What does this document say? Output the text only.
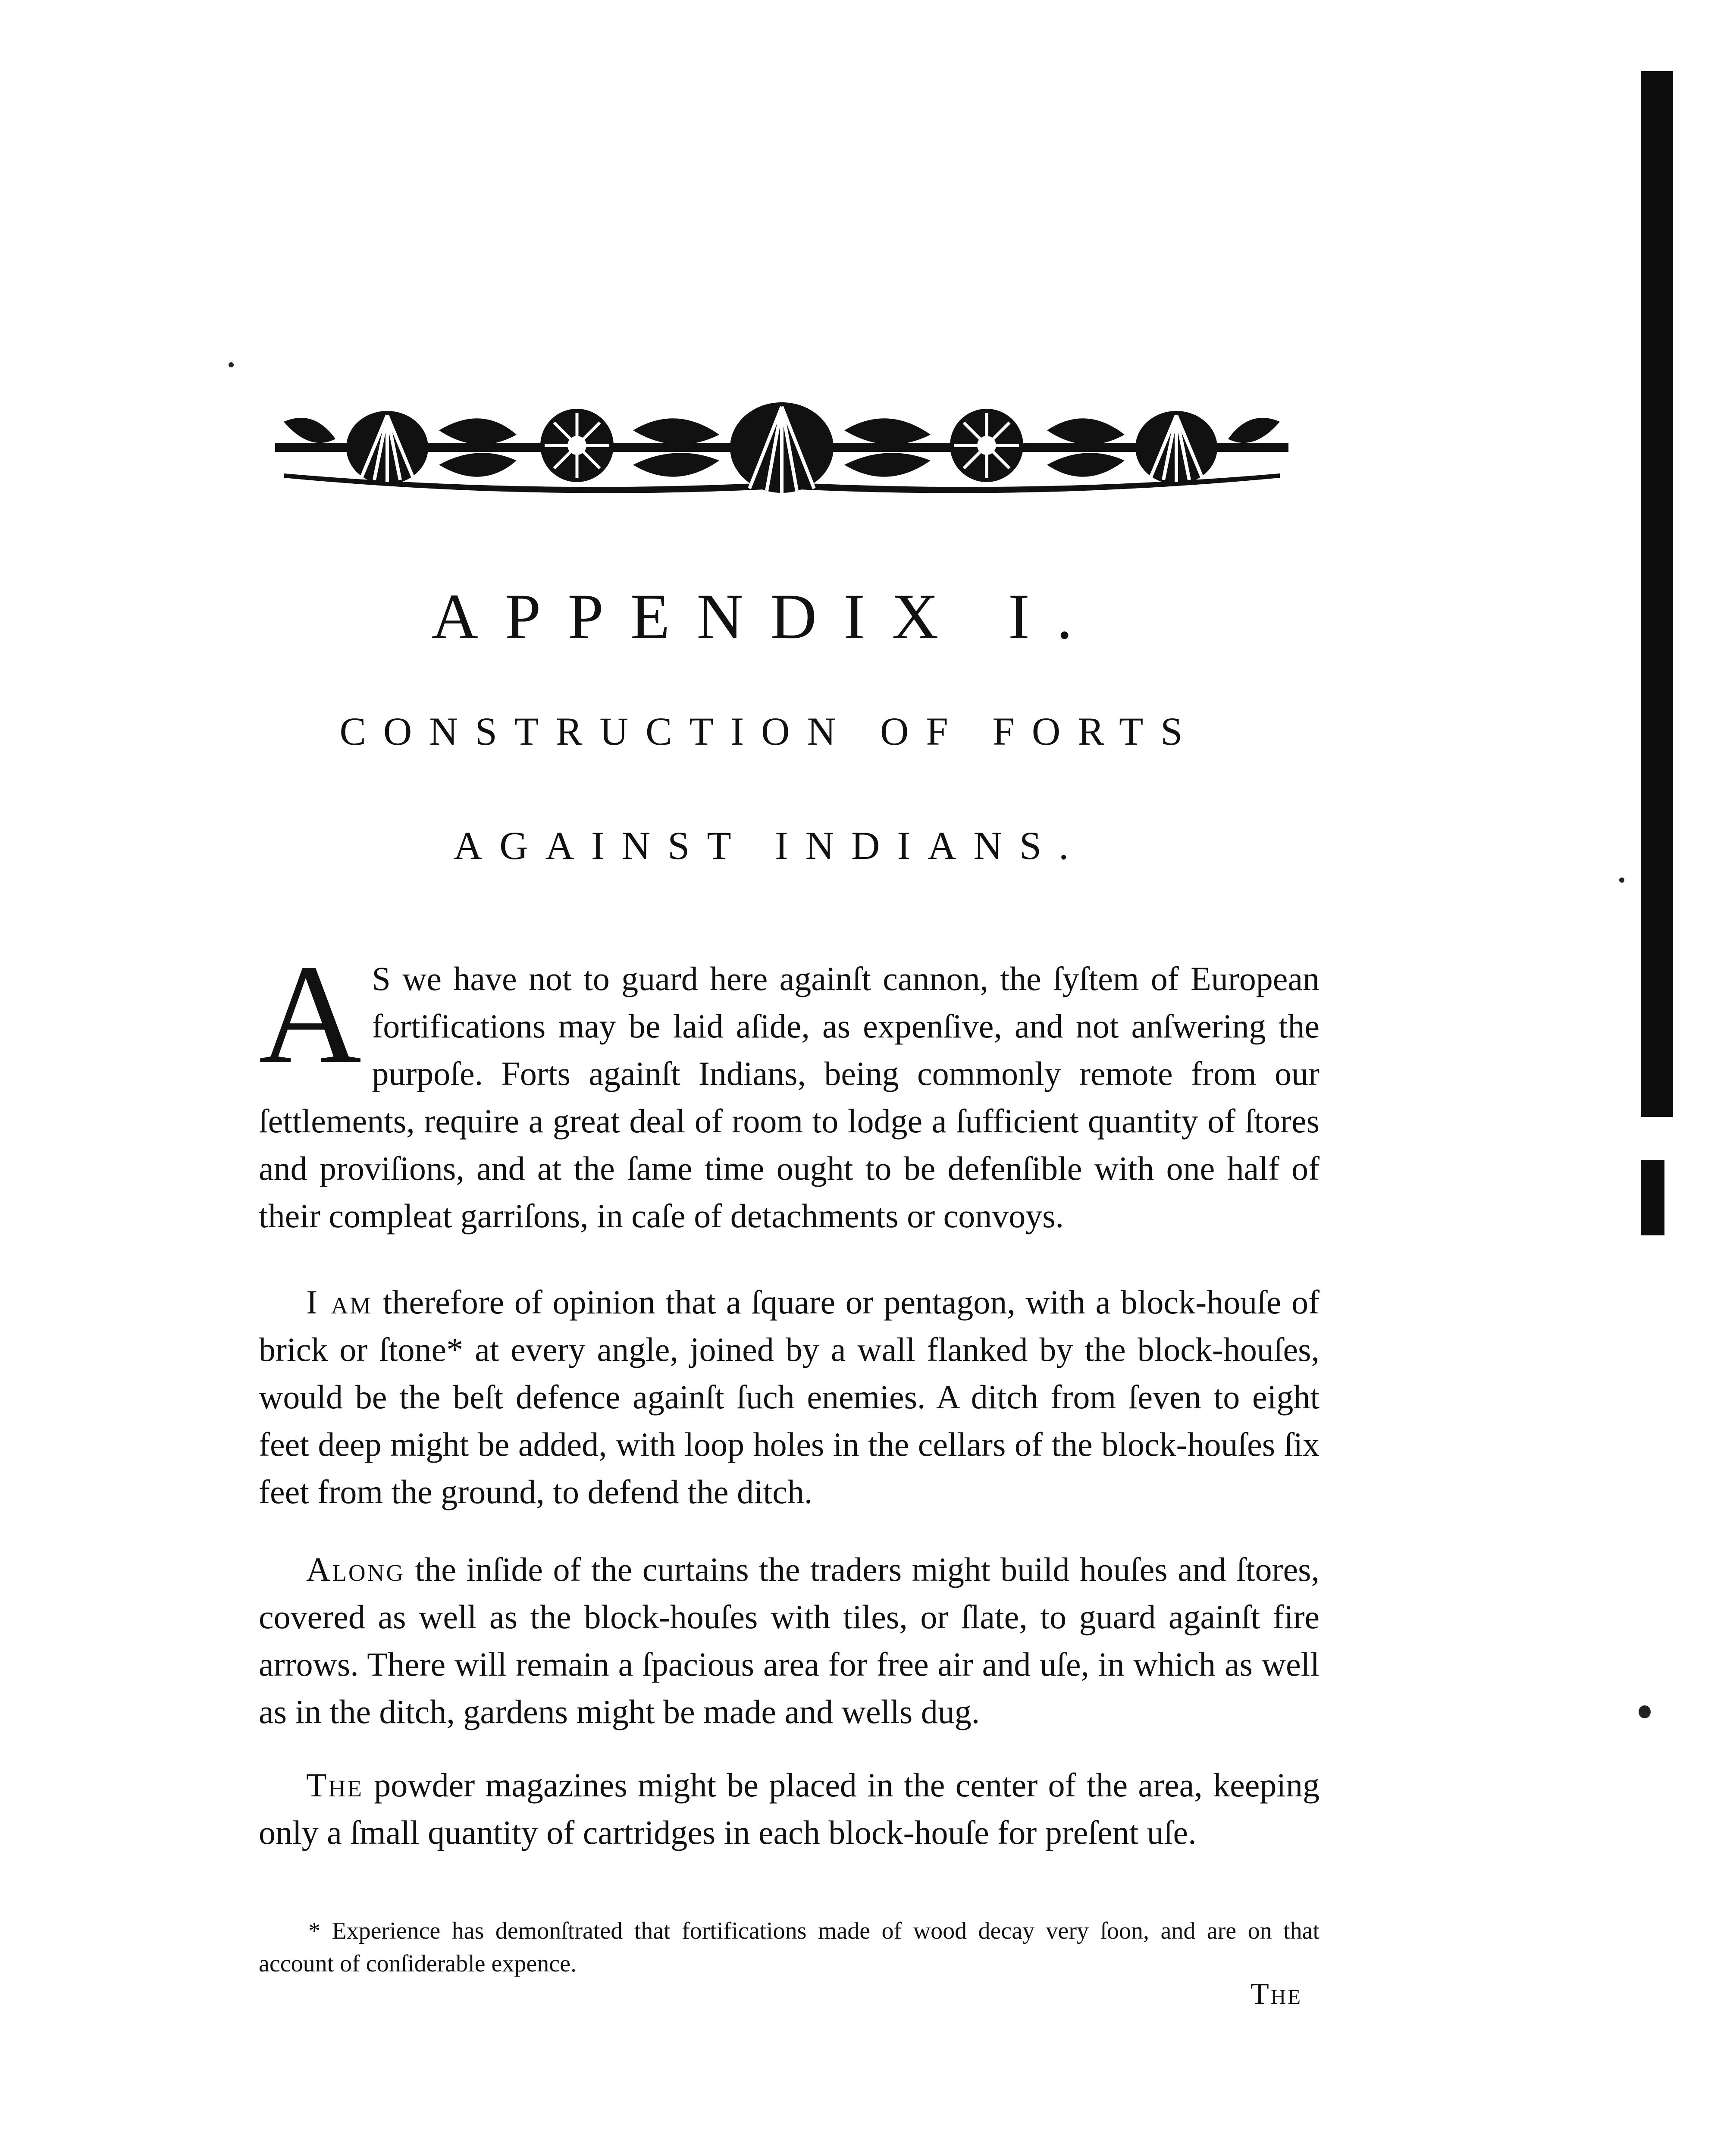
APPENDIX I.
CONSTRUCTION OF FORTS
AGAINST INDIANS.

A S we have not to guard here againſt cannon, the ſyſtem of European fortifications may be laid aſide, as expenſive, and not anſwering the purpoſe. Forts againſt Indians, being commonly remote from our ſettlements, require a great deal of room to lodge a ſufficient quantity of ſtores and proviſions, and at the ſame time ought to be defenſible with one half of their compleat garriſons, in caſe of detachments or convoys.

I am therefore of opinion that a ſquare or pentagon, with a block-houſe of brick or ſtone* at every angle, joined by a wall flanked by the block-houſes, would be the beſt defence againſt ſuch enemies. A ditch from ſeven to eight feet deep might be added, with loop holes in the cellars of the block-houſes ſix feet from the ground, to defend the ditch.

Along the inſide of the curtains the traders might build houſes and ſtores, covered as well as the block-houſes with tiles, or ſlate, to guard againſt fire arrows. There will remain a ſpacious area for free air and uſe, in which as well as in the ditch, gardens might be made and wells dug.

The powder magazines might be placed in the center of the area, keeping only a ſmall quantity of cartridges in each block-houſe for preſent uſe.

* Experience has demonſtrated that fortifications made of wood decay very ſoon, and are on that account of conſiderable expence.
The
